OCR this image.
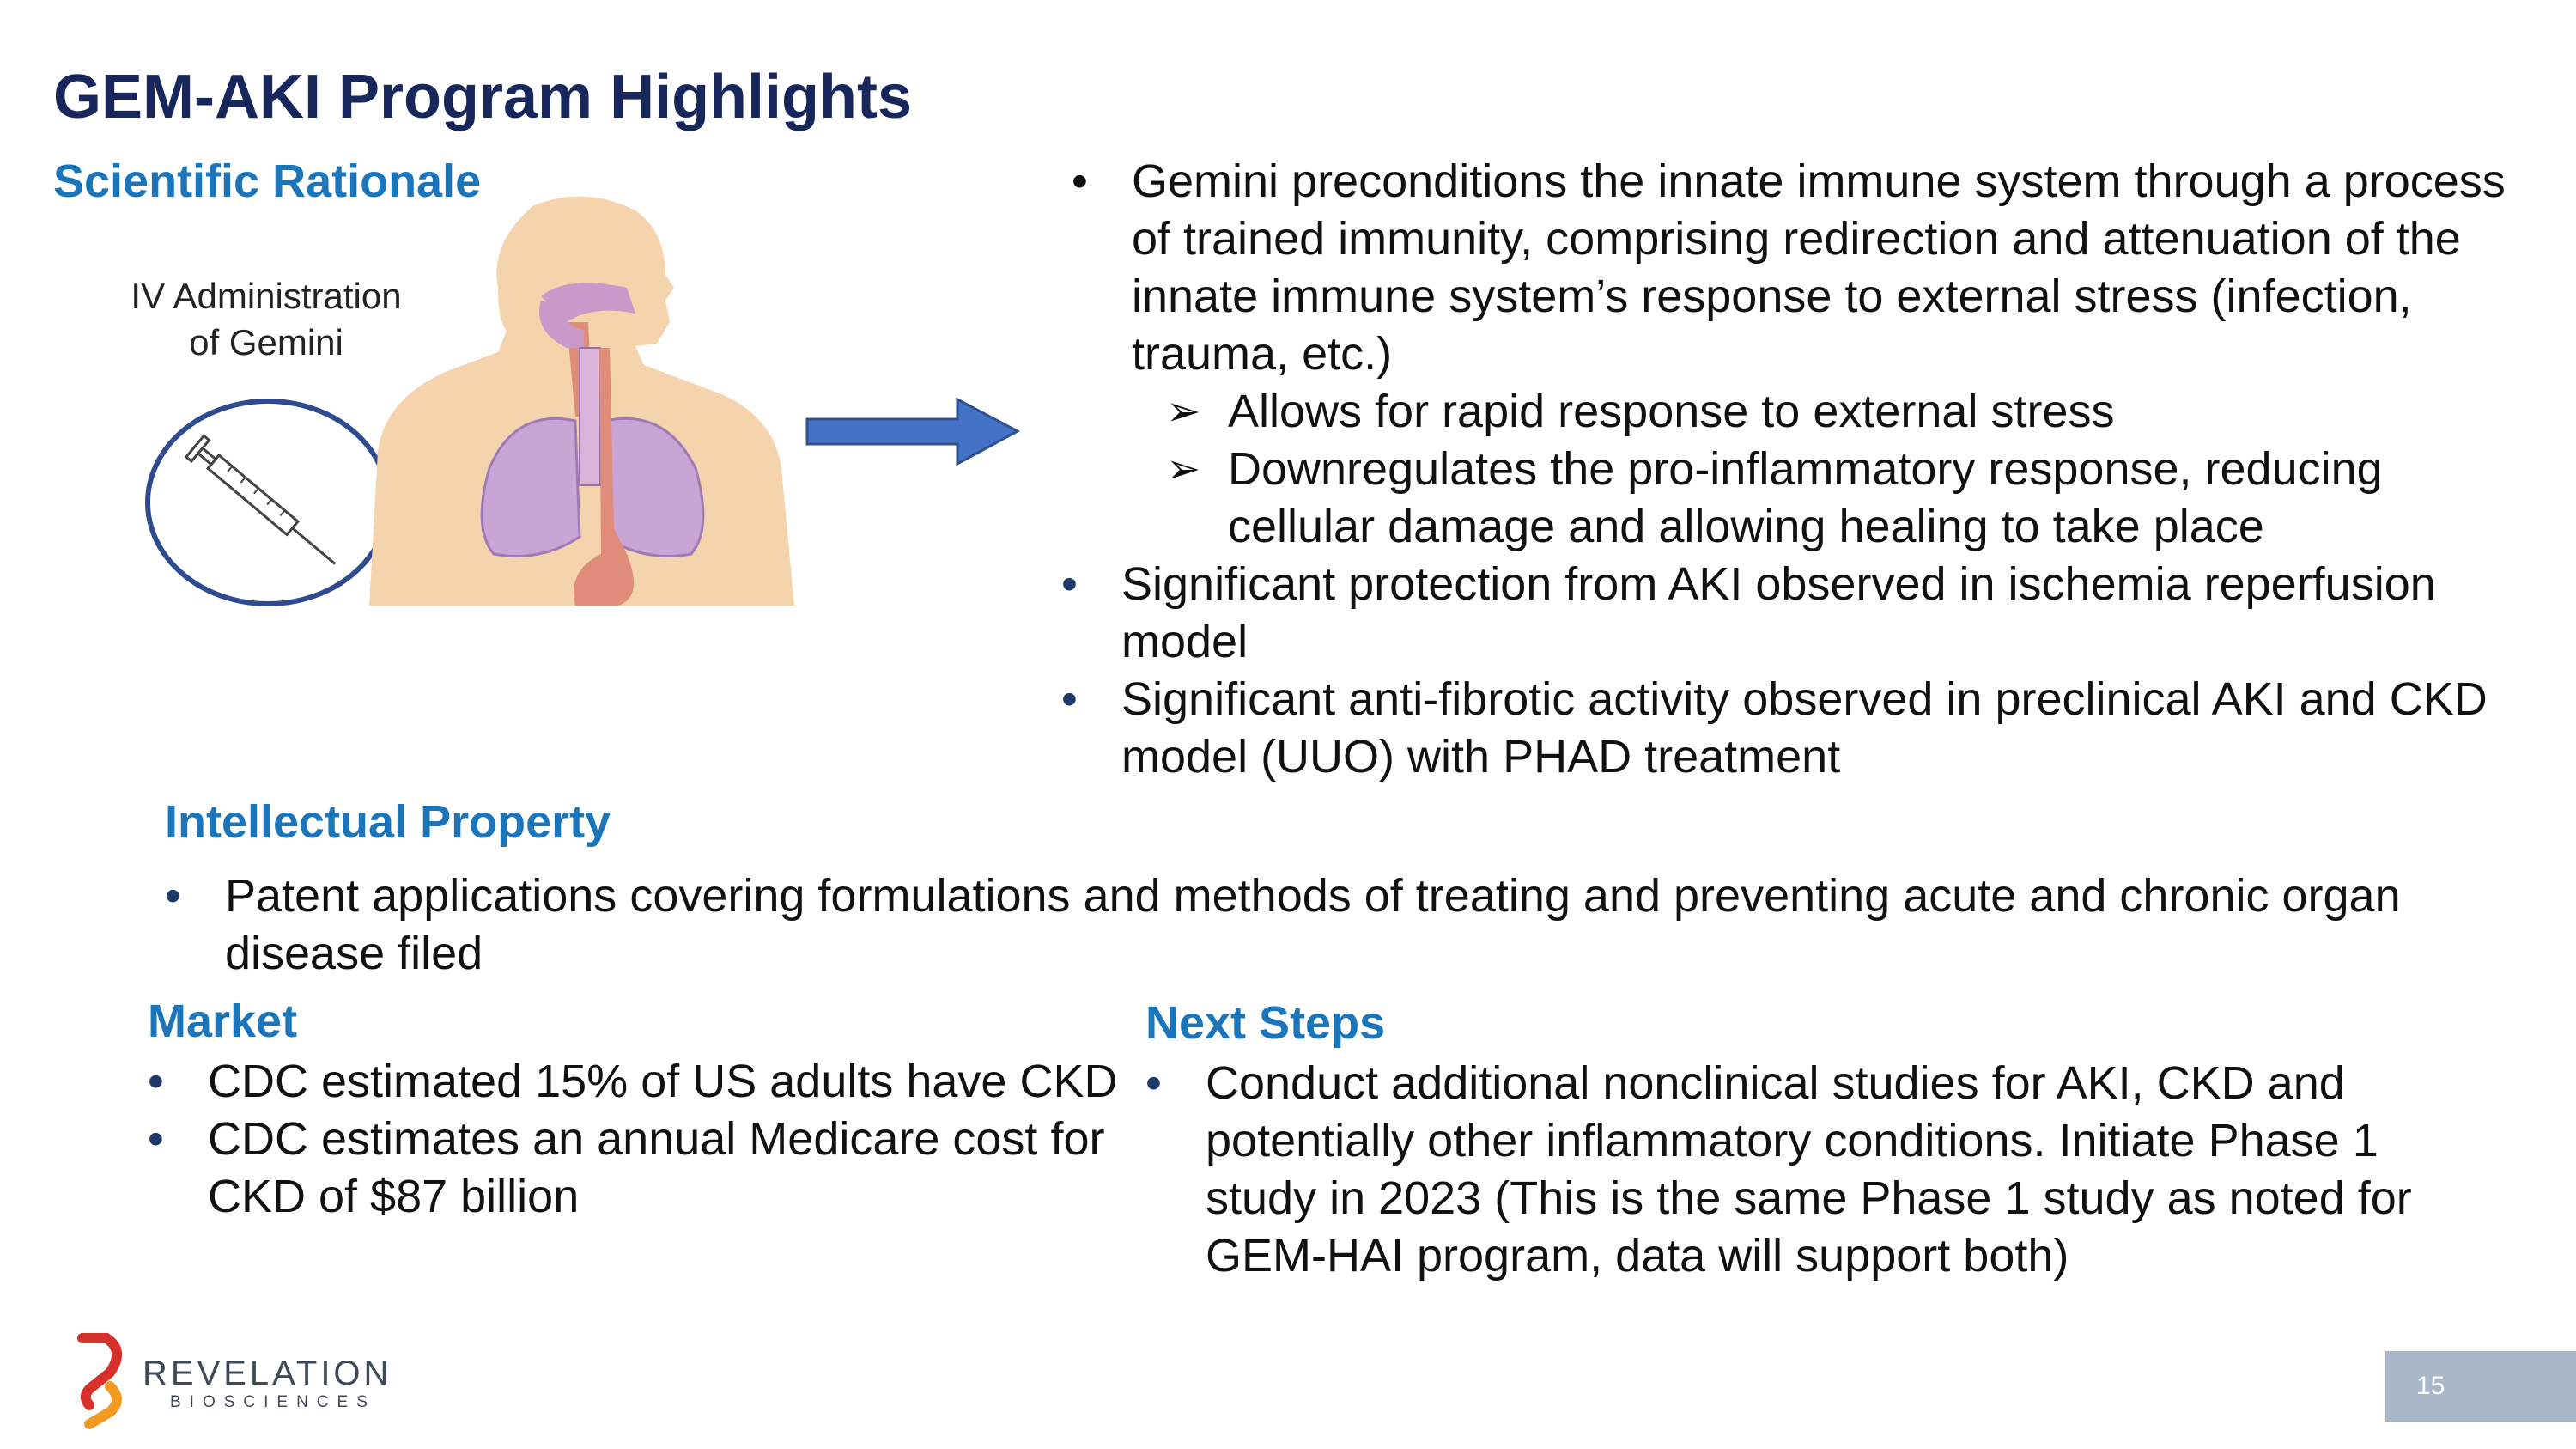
GEM-AKI Program Highlights
Scientific Rationale
IV Administration
of Gemini
• Gemini preconditions the innate immune system through a process of trained immunity, comprising redirection and attenuation of the innate immune system’s response to external stress (infection, trauma, etc.)
➢ Allows for rapid response to external stress
➢ Downregulates the pro-inflammatory response, reducing cellular damage and allowing healing to take place
• Significant protection from AKI observed in ischemia reperfusion model
• Significant anti-fibrotic activity observed in preclinical AKI and CKD model (UUO) with PHAD treatment
Intellectual Property
• Patent applications covering formulations and methods of treating and preventing acute and chronic organ disease filed
Market
• CDC estimated 15% of US adults have CKD
• CDC estimates an annual Medicare cost for CKD of $87 billion
Next Steps
• Conduct additional nonclinical studies for AKI, CKD and potentially other inflammatory conditions. Initiate Phase 1 study in 2023 (This is the same Phase 1 study as noted for GEM-HAI program, data will support both)
REVELATION
BIOSCIENCES
15
